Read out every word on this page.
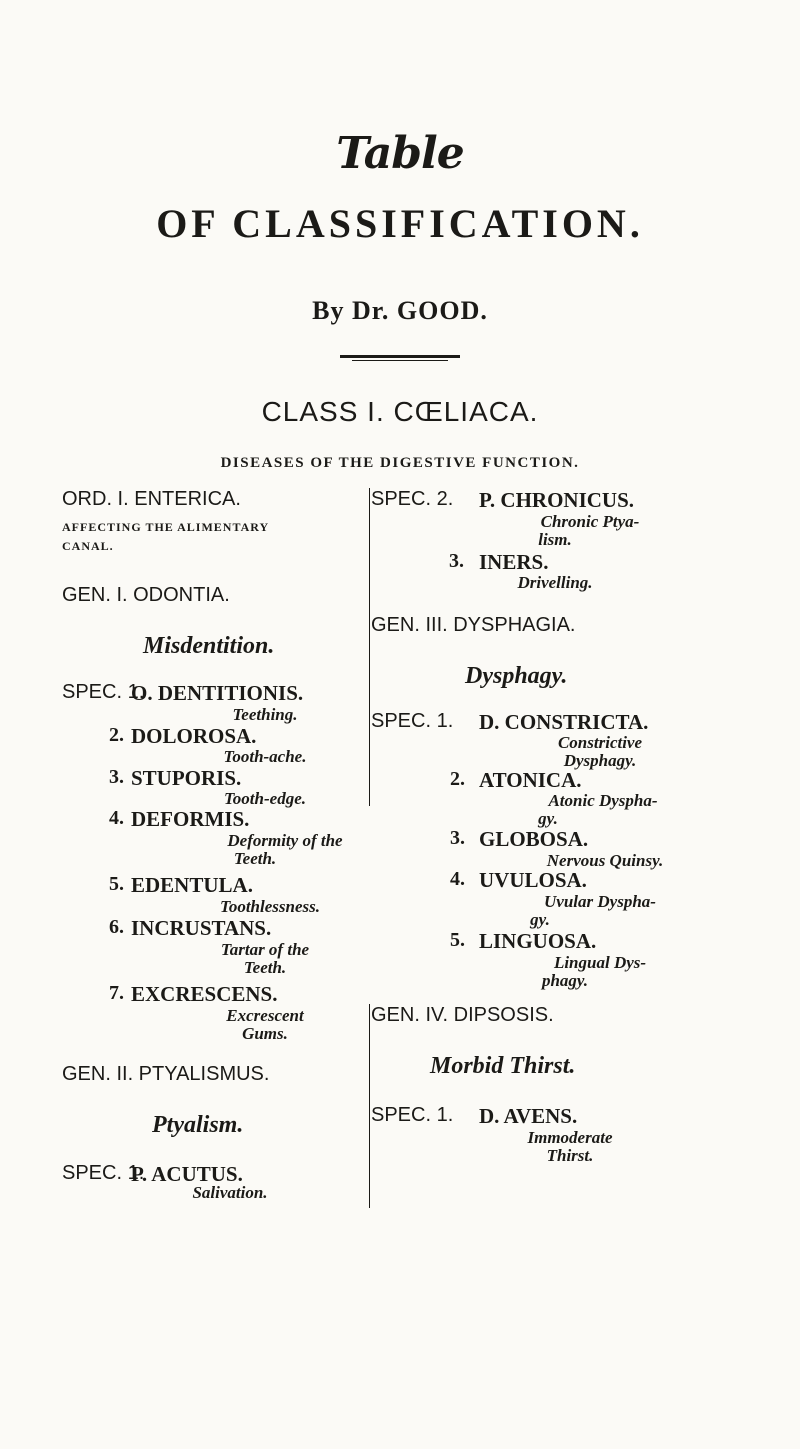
Table
OF CLASSIFICATION.
By Dr. GOOD.
CLASS I. CŒLIACA.
DISEASES OF THE DIGESTIVE FUNCTION.
ORD. I. ENTERICA.
AFFECTING THE ALIMENTARY
CANAL.
GEN. I. ODONTIA.
Misdentition.
SPEC. 1.
O. DENTITIONIS.
Teething.
2. DOLOROSA.
Tooth-ache.
3. STUPORIS.
Tooth-edge.
4. DEFORMIS.
Deformity of the
Teeth.
5. EDENTULA.
Toothlessness.
6. INCRUSTANS.
Tartar of the
Teeth.
7. EXCRESCENS.
Excrescent
Gums.
GEN. II. PTYALISMUS.
Ptyalism.
SPEC. 1.
P. ACUTUS.
Salivation.
SPEC. 2. P. CHRONICUS.
Chronic Ptya-
lism.
3. INERS.
Drivelling.
GEN. III. DYSPHAGIA.
Dysphagy.
SPEC. 1. D. CONSTRICTA.
Constrictive
Dysphagy.
2. ATONICA.
Atonic Dyspha-
gy.
3. GLOBOSA.
Nervous Quinsy.
4. UVULOSA.
Uvular Dyspha-
gy.
5. LINGUOSA.
Lingual Dys-
phagy.
GEN. IV. DIPSOSIS.
Morbid Thirst.
SPEC. 1. D. AVENS.
Immoderate
Thirst.
